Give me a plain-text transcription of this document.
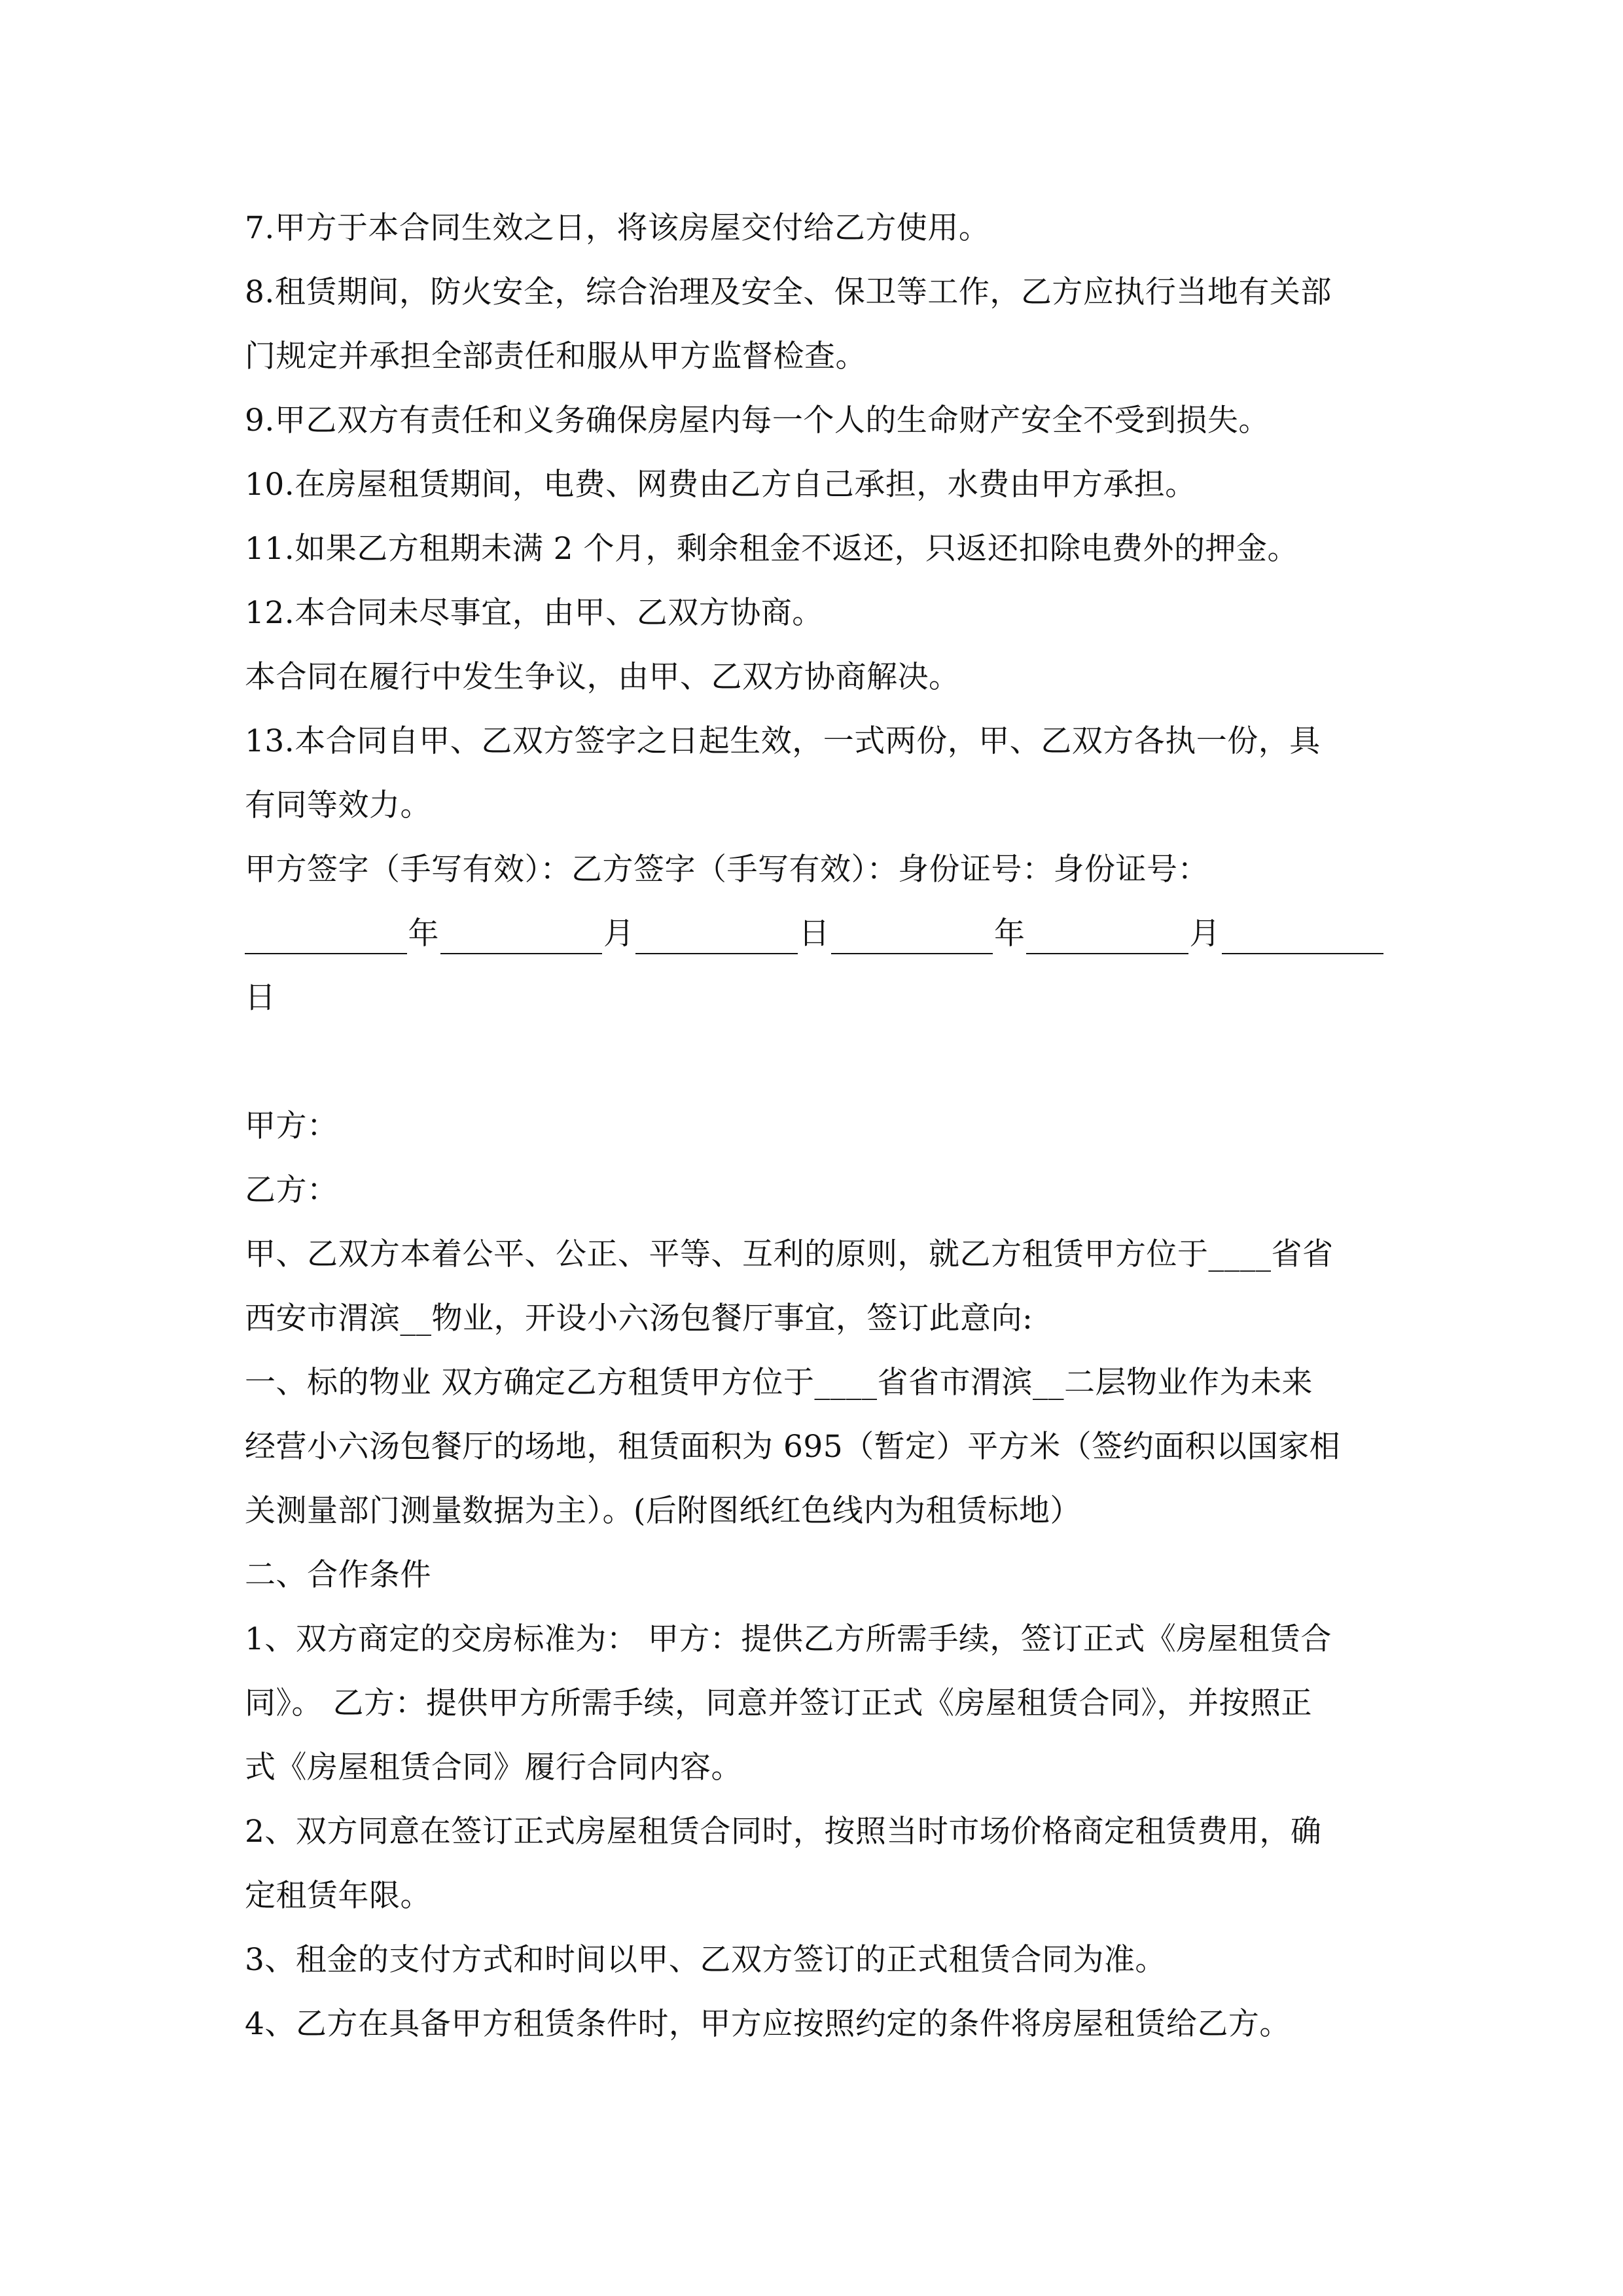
7.甲方于本合同生效之日，将该房屋交付给乙方使用。
8.租赁期间，防火安全，综合治理及安全、保卫等工作，乙方应执行当地有关部
门规定并承担全部责任和服从甲方监督检查。
9.甲乙双方有责任和义务确保房屋内每一个人的生命财产安全不受到损失。
10.在房屋租赁期间，电费、网费由乙方自己承担，水费由甲方承担。
11.如果乙方租期未满 2 个月，剩余租金不返还，只返还扣除电费外的押金。
12.本合同未尽事宜，由甲、乙双方协商。
本合同在履行中发生争议，由甲、乙双方协商解决。
13.本合同自甲、乙双方签字之日起生效，一式两份，甲、乙双方各执一份，具
有同等效力。
甲方签字（手写有效）：乙方签字（手写有效）：身份证号：身份证号：
年	月	日	年	月
日
甲方：
乙方：
甲、乙双方本着公平、公正、平等、互利的原则，就乙方租赁甲方位于____省省
西安市渭滨__物业，开设小六汤包餐厅事宜，签订此意向:
一、标的物业 双方确定乙方租赁甲方位于____省省市渭滨__二层物业作为未来
经营小六汤包餐厅的场地，租赁面积为 695（暂定）平方米（签约面积以国家相
关测量部门测量数据为主）。(后附图纸红色线内为租赁标地）
二、合作条件
1、双方商定的交房标准为： 甲方：提供乙方所需手续，签订正式《房屋租赁合
同》。 乙方：提供甲方所需手续，同意并签订正式《房屋租赁合同》，并按照正
式《房屋租赁合同》履行合同内容。
2、双方同意在签订正式房屋租赁合同时，按照当时市场价格商定租赁费用，确
定租赁年限。
3、租金的支付方式和时间以甲、乙双方签订的正式租赁合同为准。
4、乙方在具备甲方租赁条件时，甲方应按照约定的条件将房屋租赁给乙方。
